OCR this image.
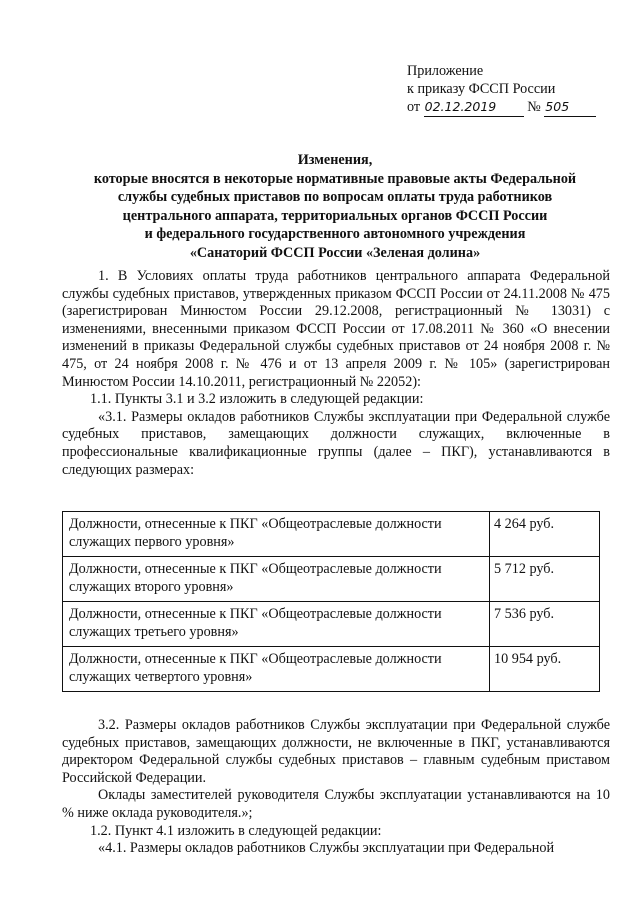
Приложение
к приказу ФССП России
от 02.12.2019 № 505
Изменения,
которые вносятся в некоторые нормативные правовые акты Федеральной
службы судебных приставов по вопросам оплаты труда работников
центрального аппарата, территориальных органов ФССП России
и федерального государственного автономного учреждения
«Санаторий ФССП России «Зеленая долина»

1. В Условиях оплаты труда работников центрального аппарата Федеральной службы судебных приставов, утвержденных приказом ФССП России от 24.11.2008 № 475 (зарегистрирован Минюстом России 29.12.2008, регистрационный № 13031) с изменениями, внесенными приказом ФССП России от 17.08.2011 № 360 «О внесении изменений в приказы Федеральной службы судебных приставов от 24 ноября 2008 г. № 475, от 24 ноября 2008 г. № 476 и от 13 апреля 2009 г. № 105» (зарегистрирован Минюстом России 14.10.2011, регистрационный № 22052):

1.1. Пункты 3.1 и 3.2 изложить в следующей редакции:

«3.1. Размеры окладов работников Службы эксплуатации при Федеральной службе судебных приставов, замещающих должности служащих, включенные в профессиональные квалификационные группы (далее – ПКГ), устанавливаются в следующих размерах:

Должности, отнесенные к ПКГ «Общеотраслевые должности служащих первого уровня»	4 264 руб.
Должности, отнесенные к ПКГ «Общеотраслевые должности служащих второго уровня»	5 712 руб.
Должности, отнесенные к ПКГ «Общеотраслевые должности служащих третьего уровня»	7 536 руб.
Должности, отнесенные к ПКГ «Общеотраслевые должности служащих четвертого уровня»	10 954 руб.

3.2. Размеры окладов работников Службы эксплуатации при Федеральной службе судебных приставов, замещающих должности, не включенные в ПКГ, устанавливаются директором Федеральной службы судебных приставов – главным судебным приставом Российской Федерации.

Оклады заместителей руководителя Службы эксплуатации устанавливаются на 10 % ниже оклада руководителя.»;

1.2. Пункт 4.1 изложить в следующей редакции:

«4.1. Размеры окладов работников Службы эксплуатации при Федеральной
